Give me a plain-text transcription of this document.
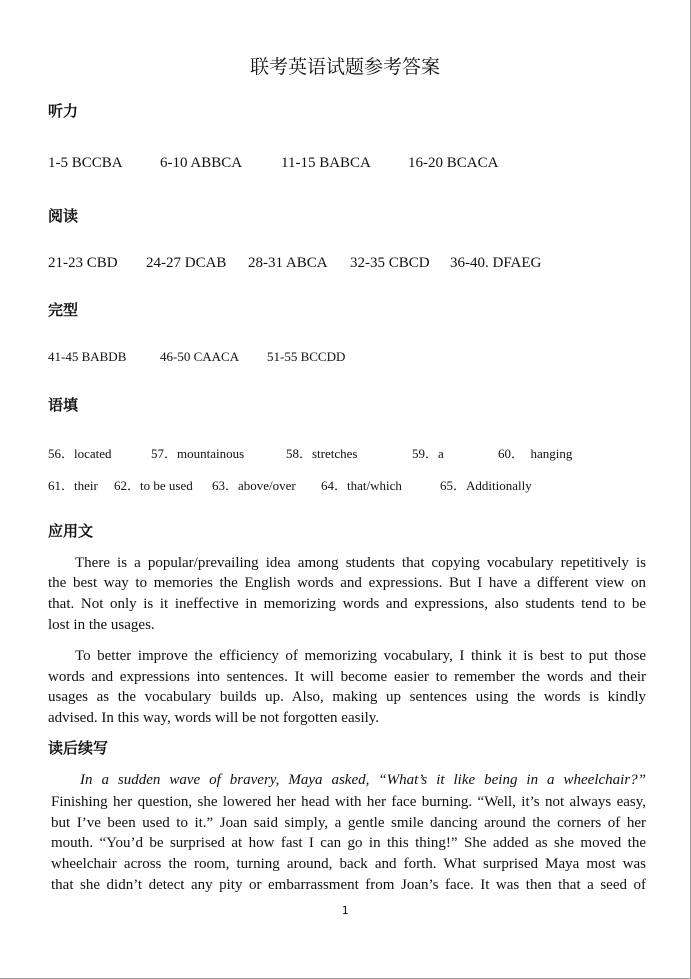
联考英语试题参考答案
听力

1-5 BCCBA 6-10 ABBCA	11-15 BABCA 16-20 BCACA

阅读

21-23 CBD 24-27 DCAB 28-31 ABCA 32-35 CBCD 36-40. DFAEG

完型

41-45 BABDB	46-50 CAACA 51-55 BCCDD

语填

56．located	57．mountainous	58．stretches	59．a	60．  hanging

61．their 62．to be used 63．above/over 64．that/which	65．Additionally

应用文
There is a popular/prevailing idea among students that copying vocabulary repetitively is
the best way to memories the English words and expressions. But I have a different view on
that. Not only is it ineffective in memorizing words and expressions, also students tend to be
lost in the usages.
To better improve the efficiency of memorizing vocabulary, I think it is best to put those
words and expressions into sentences. It will become easier to remember the words and their
usages as the vocabulary builds up. Also, making up sentences using the words is kindly
advised. In this way, words will be not forgotten easily.
读后续写
In a sudden wave of bravery, Maya asked, “What’s it like being in a wheelchair?”
Finishing her question, she lowered her head with her face burning. “Well, it’s not always easy,
but I’ve been used to it.” Joan said simply, a gentle smile dancing around the corners of her
mouth. “You’d be surprised at how fast I can go in this thing!” She added as she moved the
wheelchair across the room, turning around, back and forth. What surprised Maya most was
that she didn’t detect any pity or embarrassment from Joan’s face. It was then that a seed of
1
